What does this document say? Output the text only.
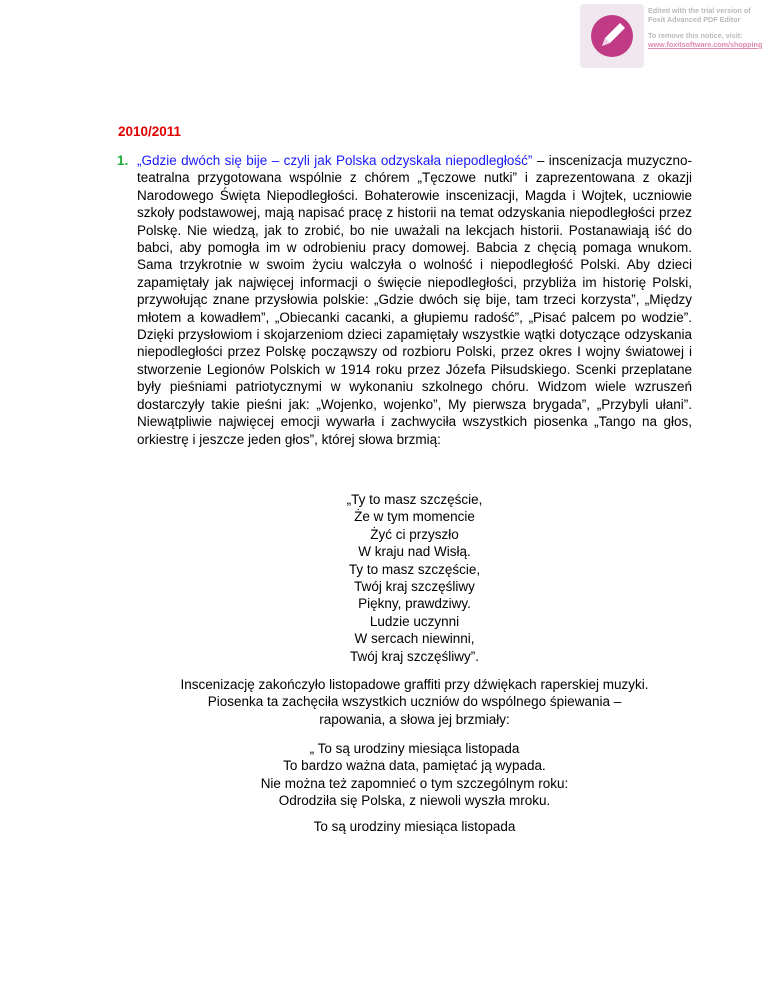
Edited with the trial version of
Foxit Advanced PDF Editor
To remove this notice, visit:
www.foxitsoftware.com/shopping
2010/2011
1. „Gdzie dwóch się bije – czyli jak Polska odzyskała niepodległość” – inscenizacja muzyczno-teatralna przygotowana wspólnie z chórem „Tęczowe nutki” i zaprezentowana z okazji Narodowego Święta Niepodległości. Bohaterowie inscenizacji, Magda i Wojtek, uczniowie szkoły podstawowej, mają napisać pracę z historii na temat odzyskania niepodległości przez Polskę. Nie wiedzą, jak to zrobić, bo nie uważali na lekcjach historii. Postanawiają iść do babci, aby pomogła im w odrobieniu pracy domowej. Babcia z chęcią pomaga wnukom. Sama trzykrotnie w swoim życiu walczyła o wolność i niepodległość Polski. Aby dzieci zapamiętały jak najwięcej informacji o święcie niepodległości, przybliża im historię Polski, przywołując znane przysłowia polskie: „Gdzie dwóch się bije, tam trzeci korzysta”, „Między młotem a kowadłem”, „Obiecanki cacanki, a głupiemu radość”, „Pisać palcem po wodzie”. Dzięki przysłowiom i skojarzeniom dzieci zapamiętały wszystkie wątki dotyczące odzyskania niepodległości przez Polskę począwszy od rozbioru Polski, przez okres I wojny światowej i stworzenie Legionów Polskich w 1914 roku przez Józefa Piłsudskiego. Scenki przeplatane były pieśniami patriotycznymi w wykonaniu szkolnego chóru. Widzom wiele wzruszeń dostarczyły takie pieśni jak: „Wojenko, wojenko”, My pierwsza brygada”, „Przybyli ułani”. Niewątpliwie najwięcej emocji wywarła i zachwyciła wszystkich piosenka „Tango na głos, orkiestrę i jeszcze jeden głos”, której słowa brzmią:
„Ty to masz szczęście,
Że w tym momencie
Żyć ci przyszło
W kraju nad Wisłą.
Ty to masz szczęście,
Twój kraj szczęśliwy
Piękny, prawdziwy.
Ludzie uczynni
W sercach niewinni,
Twój kraj szczęśliwy”.
Inscenizację zakończyło listopadowe graffiti przy dźwiękach raperskiej muzyki.
Piosenka ta zachęciła wszystkich uczniów do wspólnego śpiewania –
rapowania, a słowa jej brzmiały:
„ To są urodziny miesiąca listopada
To bardzo ważna data, pamiętać ją wypada.
Nie można też zapomnieć o tym szczególnym roku:
Odrodziła się Polska, z niewoli wyszła mroku.
To są urodziny miesiąca listopada
